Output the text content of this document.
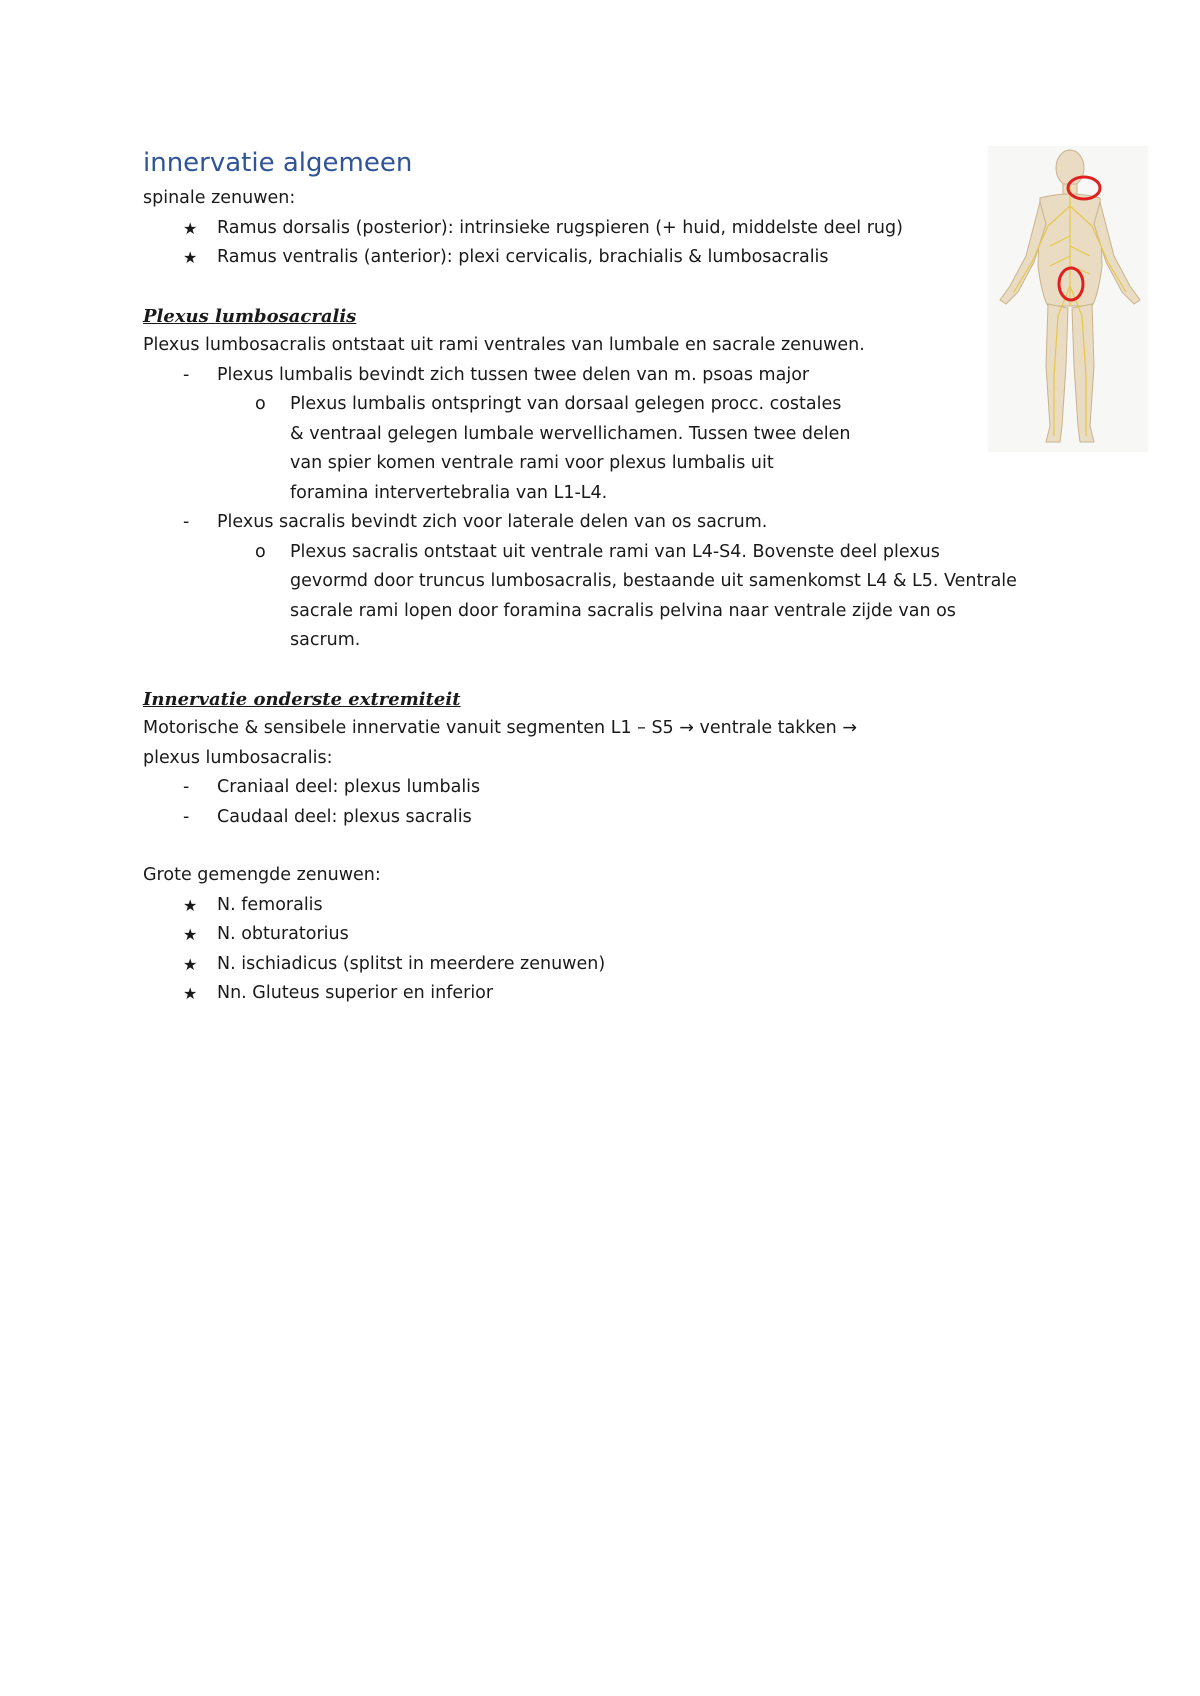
innervatie algemeen

spinale zenuwen:

★ Ramus dorsalis (posterior): intrinsieke rugspieren (+ huid, middelste deel rug)
★ Ramus ventralis (anterior): plexi cervicalis, brachialis & lumbosacralis

Plexus lumbosacralis

Plexus lumbosacralis ontstaat uit rami ventrales van lumbale en sacrale zenuwen.

- Plexus lumbalis bevindt zich tussen twee delen van m. psoas major
o Plexus lumbalis ontspringt van dorsaal gelegen procc. costales & ventraal gelegen lumbale wervellichamen. Tussen twee delen van spier komen ventrale rami voor plexus lumbalis uit foramina intervertebralia van L1-L4.
- Plexus sacralis bevindt zich voor laterale delen van os sacrum.
o Plexus sacralis ontstaat uit ventrale rami van L4-S4. Bovenste deel plexus gevormd door truncus lumbosacralis, bestaande uit samenkomst L4 & L5. Ventrale sacrale rami lopen door foramina sacralis pelvina naar ventrale zijde van os sacrum.

Innervatie onderste extremiteit

Motorische & sensibele innervatie vanuit segmenten L1 – S5 → ventrale takken → plexus lumbosacralis:

- Craniaal deel: plexus lumbalis
- Caudaal deel: plexus sacralis

Grote gemengde zenuwen:

★ N. femoralis
★ N. obturatorius
★ N. ischiadicus (splitst in meerdere zenuwen)
★ Nn. Gluteus superior en inferior
